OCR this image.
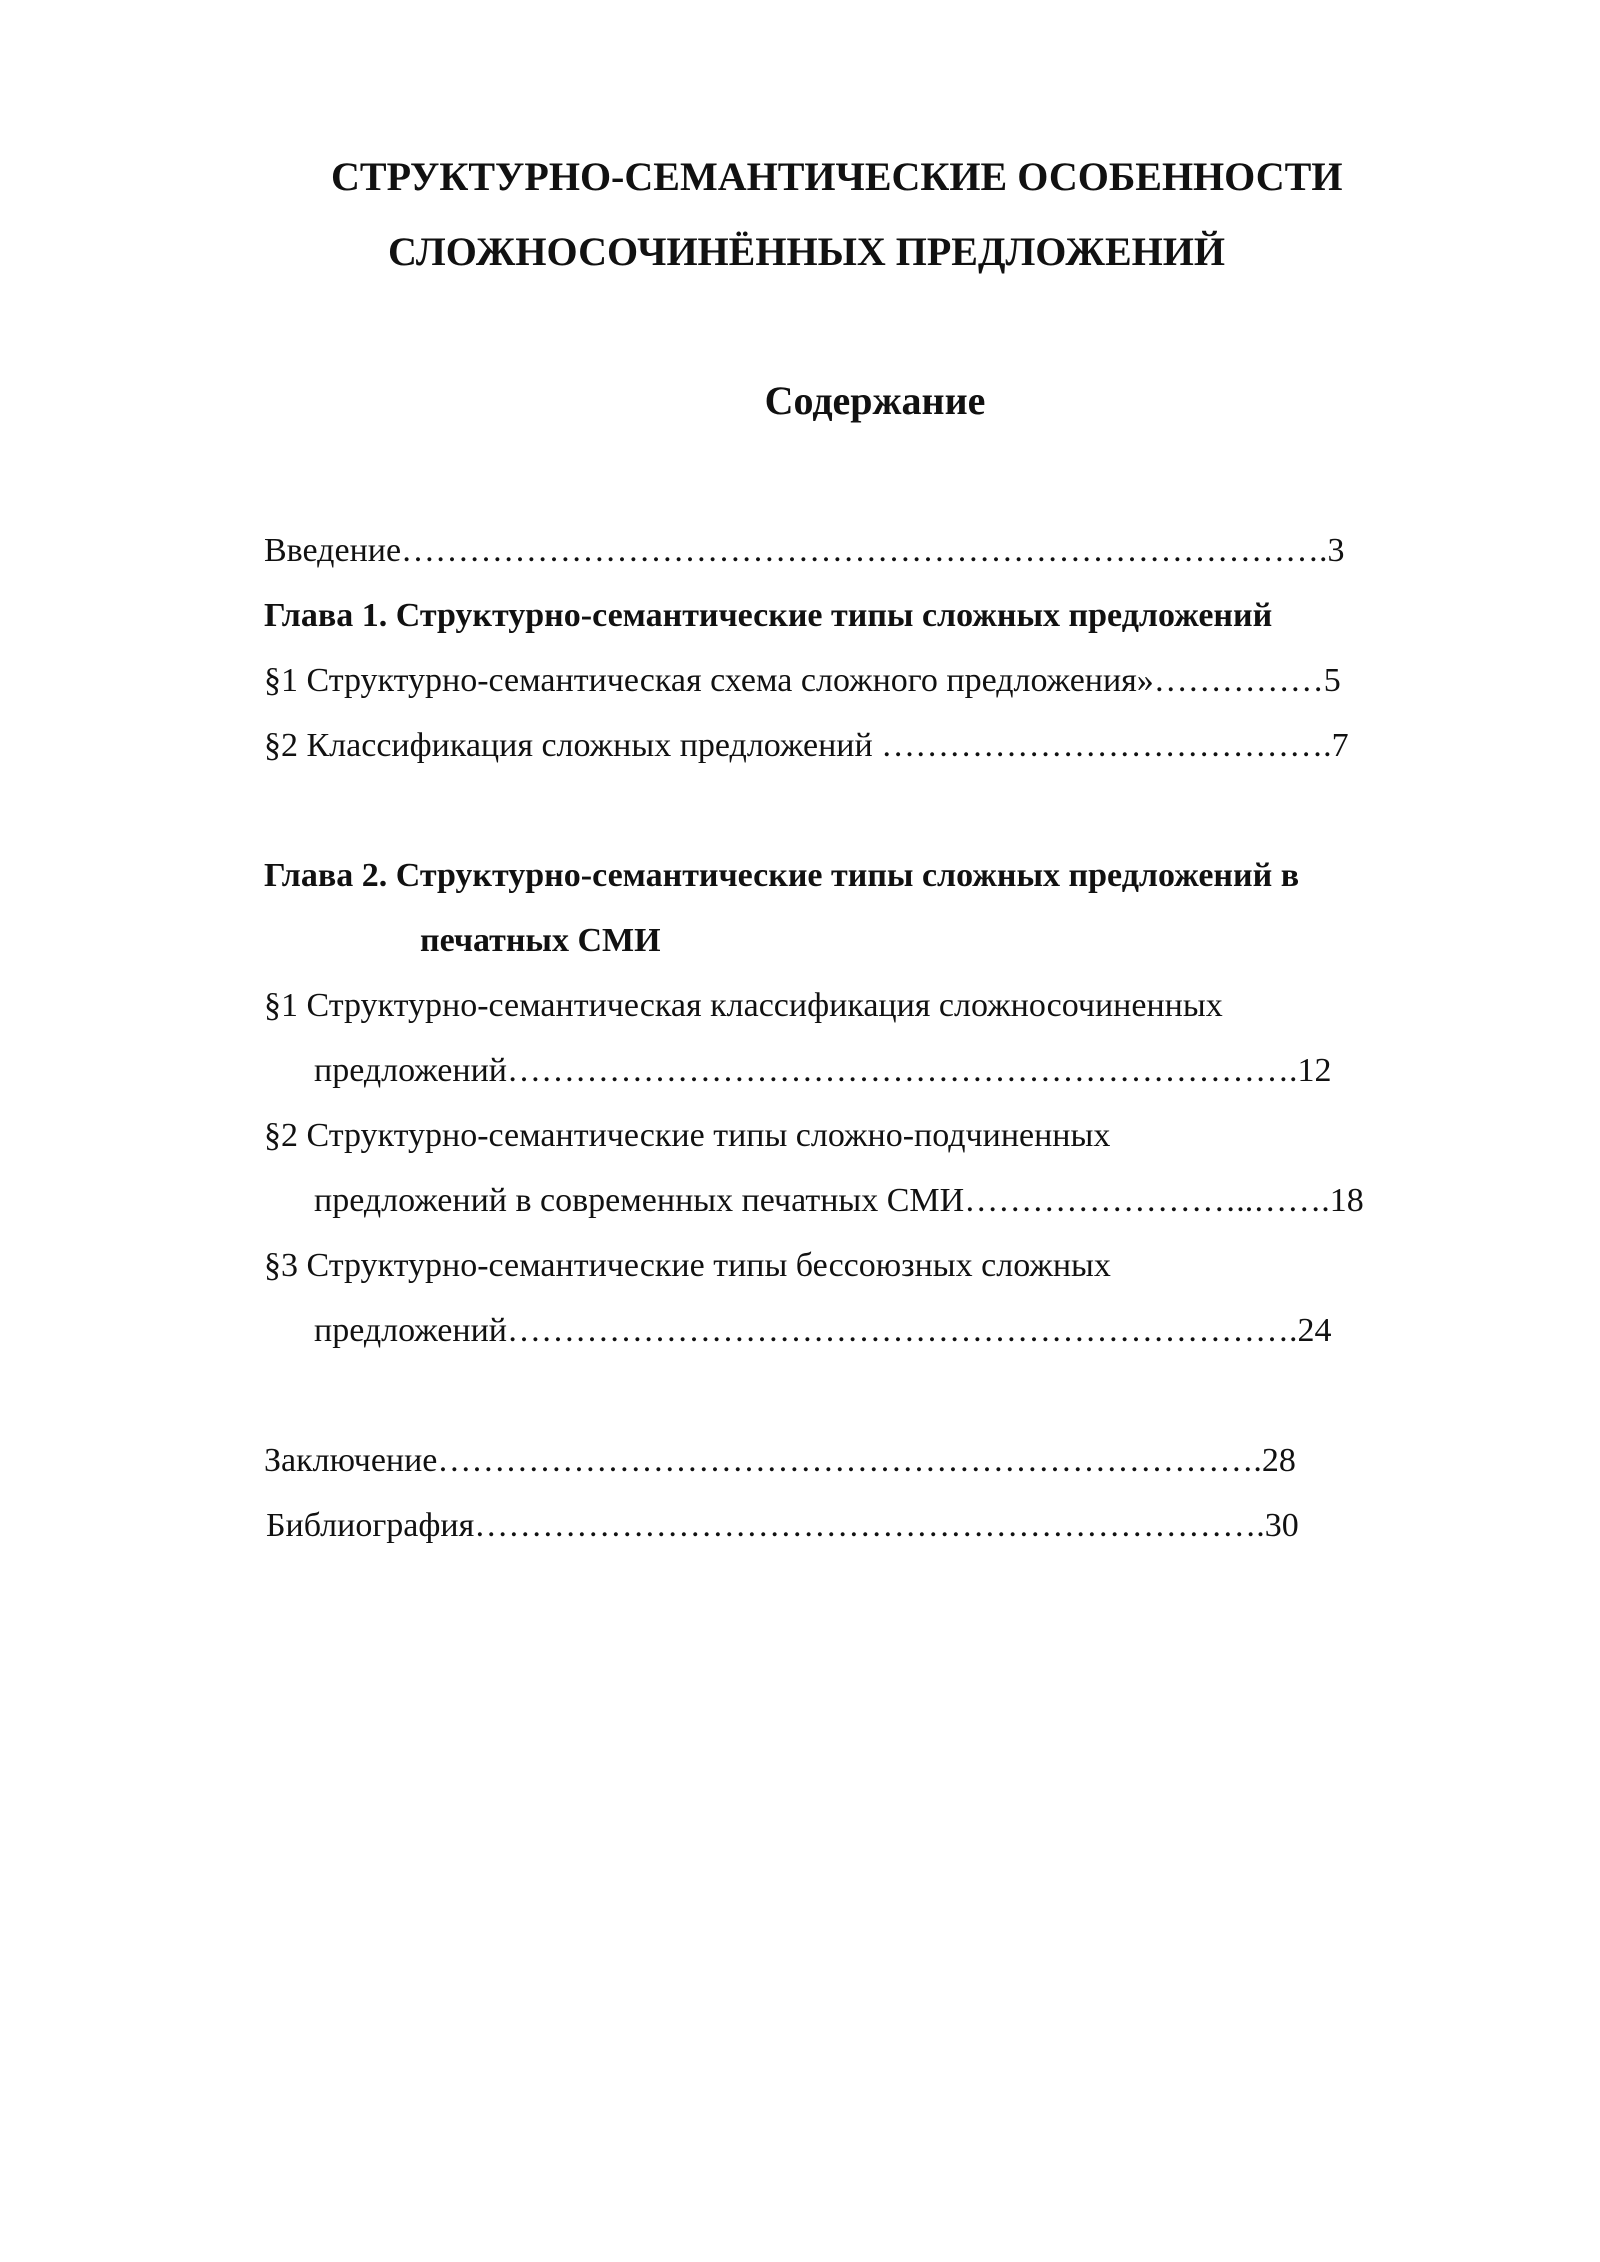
СТРУКТУРНО-СЕМАНТИЧЕСКИЕ ОСОБЕННОСТИ
СЛОЖНОСОЧИНЁННЫХ ПРЕДЛОЖЕНИЙ
Содержание
Введение……………………………………………………………………….3
Глава 1. Структурно-семантические типы сложных предложений
§1 Структурно-семантическая схема сложного предложения»……………5
§2 Классификация сложных предложений ………………………………….7
Глава 2. Структурно-семантические типы сложных предложений в
печатных СМИ
§1 Структурно-семантическая классификация сложносочиненных
предложений…………………………………………………………….12
§2 Структурно-семантические типы сложно-подчиненных
предложений в современных печатных СМИ……………………..…….18
§3 Структурно-семантические типы бессоюзных сложных
предложений…………………………………………………………….24
Заключение……………………………………………………………….28
Библиография…………………………………………………………….30
